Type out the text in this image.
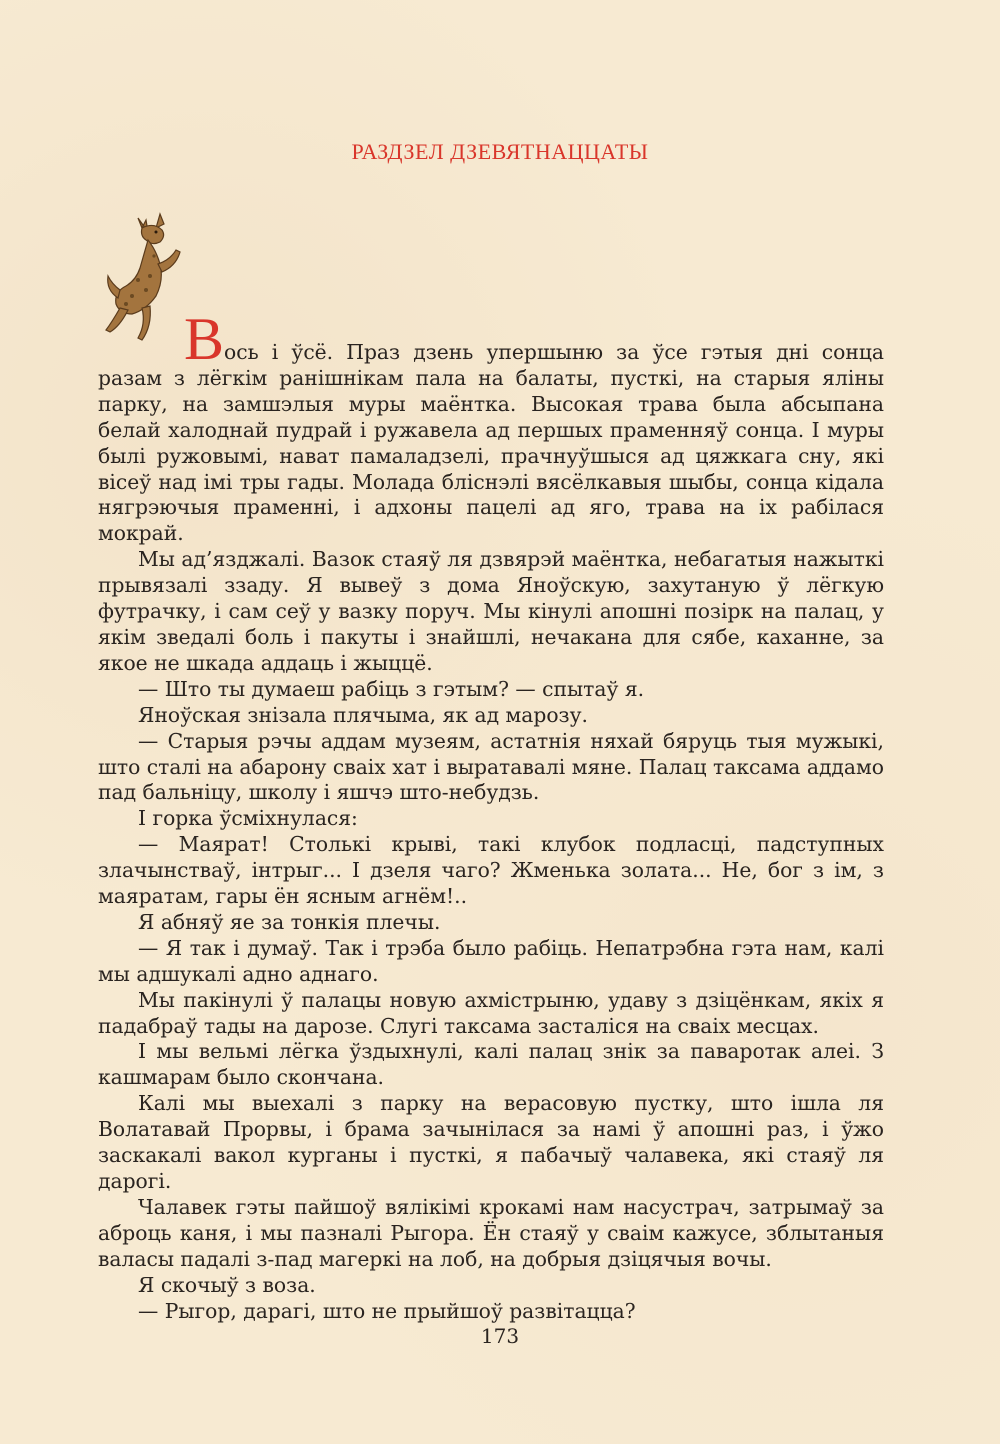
РАЗДЗЕЛ ДЗЕВЯТНАЦЦАТЫ

Вось і ўсё. Праз дзень упершыню за ўсе гэтыя дні сонца разам з лёгкім ранішнікам пала на балаты, пусткі, на старыя яліны парку, на замшэлыя муры маёнтка. Высокая трава была абсыпана белай халоднай пудрай і ружавела ад першых праменняў сонца. І муры былі ружовымі, нават памаладзелі, прачнуўшыся ад цяжкага сну, які вісеў над імі тры гады. Молада бліснэлі вясёлкавыя шыбы, сонца кідала нягрэючыя праменні, і адхоны пацелі ад яго, трава на іх рабілася мокрай.

Мы ад’язджалі. Вазок стаяў ля дзвярэй маёнтка, небагатыя нажыткі прывязалі ззаду. Я вывеў з дома Яноўскую, захутаную ў лёгкую футрачку, і сам сеў у вазку поруч. Мы кінулі апошні позірк на палац, у якім зведалі боль і пакуты і знайшлі, нечакана для сябе, каханне, за якое не шкада аддаць і жыццё.

— Што ты думаеш рабіць з гэтым? — спытаў я.

Яноўская знізала плячыма, як ад марозу.

— Старыя рэчы аддам музеям, астатнія няхай бяруць тыя мужыкі, што сталі на абарону сваіх хат і выратавалі мяне. Палац таксама аддамо пад бальніцу, школу і яшчэ што-небудзь.

І горка ўсміхнулася:

— Маярат! Столькі крыві, такі клубок подласці, падступных злачынстваў, інтрыг... І дзеля чаго? Жменька золата... Не, бог з ім, з маяратам, гары ён ясным агнём!..

Я абняў яе за тонкія плечы.

— Я так і думаў. Так і трэба было рабіць. Непатрэбна гэта нам, калі мы адшукалі адно аднаго.

Мы пакінулі ў палацы новую ахмістрыню, удаву з дзіцёнкам, якіх я падабраў тады на дарозе. Слугі таксама засталіся на сваіх месцах.

І мы вельмі лёгка ўздыхнулі, калі палац знік за паваротак алеі. З кашмарам было скончана.

Калі мы выехалі з парку на верасовую пустку, што ішла ля Волатавай Прорвы, і брама зачынілася за намі ў апошні раз, і ўжо заскакалі вакол курганы і пусткі, я пабачыў чалавека, які стаяў ля дарогі.

Чалавек гэты пайшоў вялікімі крокамі нам насустрач, затрымаў за аброць каня, і мы пазналі Рыгора. Ён стаяў у сваім кажусе, зблытаныя валасы падалі з-пад магеркі на лоб, на добрыя дзіцячыя вочы.

Я скочыў з воза.

— Рыгор, дарагі, што не прыйшоў развітацца?

173
